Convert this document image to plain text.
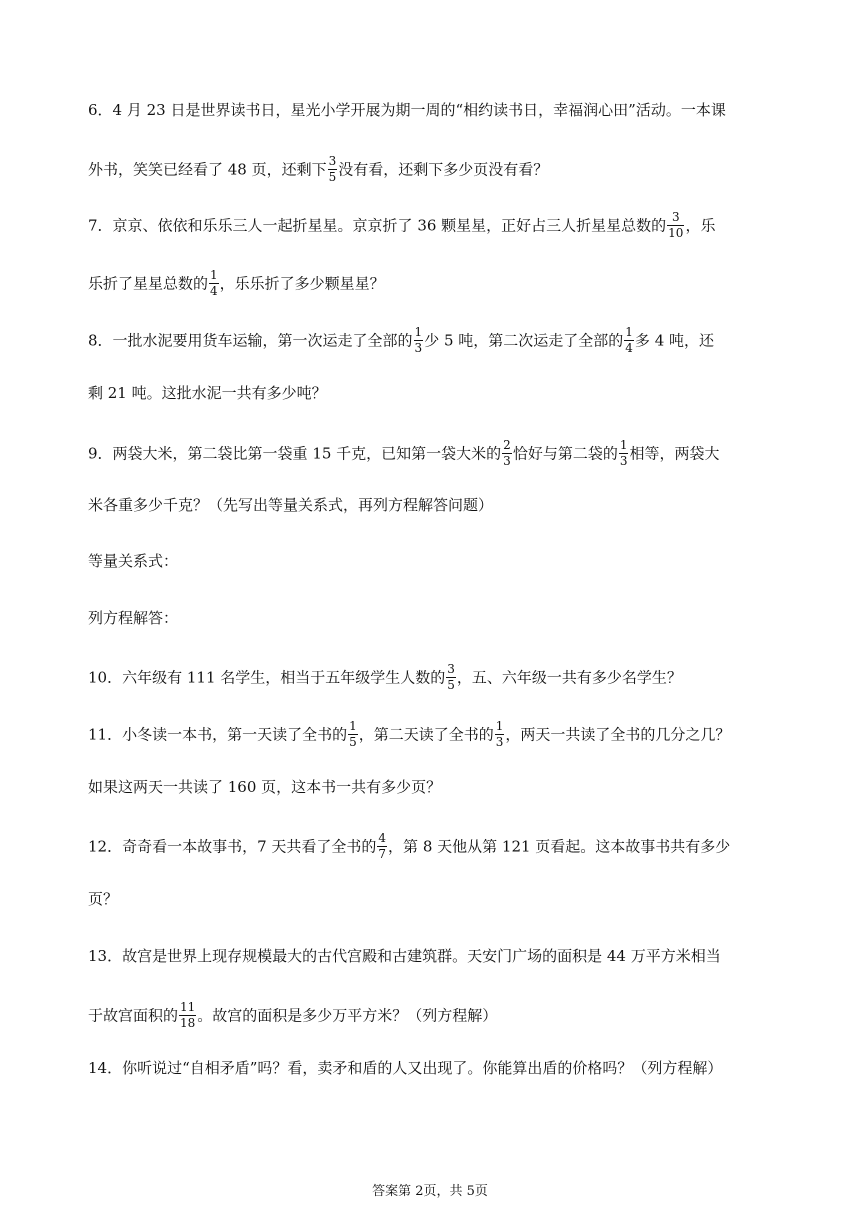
6．4 月 23 日是世界读书日，星光小学开展为期一周的“相约读书日，幸福润心田”活动。一本课
外书，笑笑已经看了 48 页，还剩下 $\frac{3}{5}$ 没有看，还剩下多少页没有看？
7．京京、依依和乐乐三人一起折星星。京京折了 36 颗星星，正好占三人折星星总数的 $\frac{3}{10}$ ，乐
乐折了星星总数的 $\frac{1}{4}$ ，乐乐折了多少颗星星？
8．一批水泥要用货车运输，第一次运走了全部的 $\frac{1}{3}$ 少 5 吨，第二次运走了全部的 $\frac{1}{4}$ 多 4 吨，还
剩 21 吨。这批水泥一共有多少吨？
9．两袋大米，第二袋比第一袋重 15 千克，已知第一袋大米的 $\frac{2}{3}$ 恰好与第二袋的 $\frac{1}{3}$ 相等，两袋大
米各重多少千克？（先写出等量关系式，再列方程解答问题）
等量关系式：
列方程解答：
10．六年级有 111 名学生，相当于五年级学生人数的 $\frac{3}{5}$ ，五、六年级一共有多少名学生？
11．小冬读一本书，第一天读了全书的 $\frac{1}{5}$ ，第二天读了全书的 $\frac{1}{3}$ ，两天一共读了全书的几分之几？
如果这两天一共读了 160 页，这本书一共有多少页？
12．奇奇看一本故事书，7 天共看了全书的 $\frac{4}{7}$ ，第 8 天他从第 121 页看起。这本故事书共有多少
页？
13．故宫是世界上现存规模最大的古代宫殿和古建筑群。天安门广场的面积是 44 万平方米相当
于故宫面积的 $\frac{11}{18}$ 。故宫的面积是多少万平方米？（列方程解）
14．你听说过“自相矛盾”吗？看，卖矛和盾的人又出现了。你能算出盾的价格吗？（列方程解）
答案第 2页，共 5页
